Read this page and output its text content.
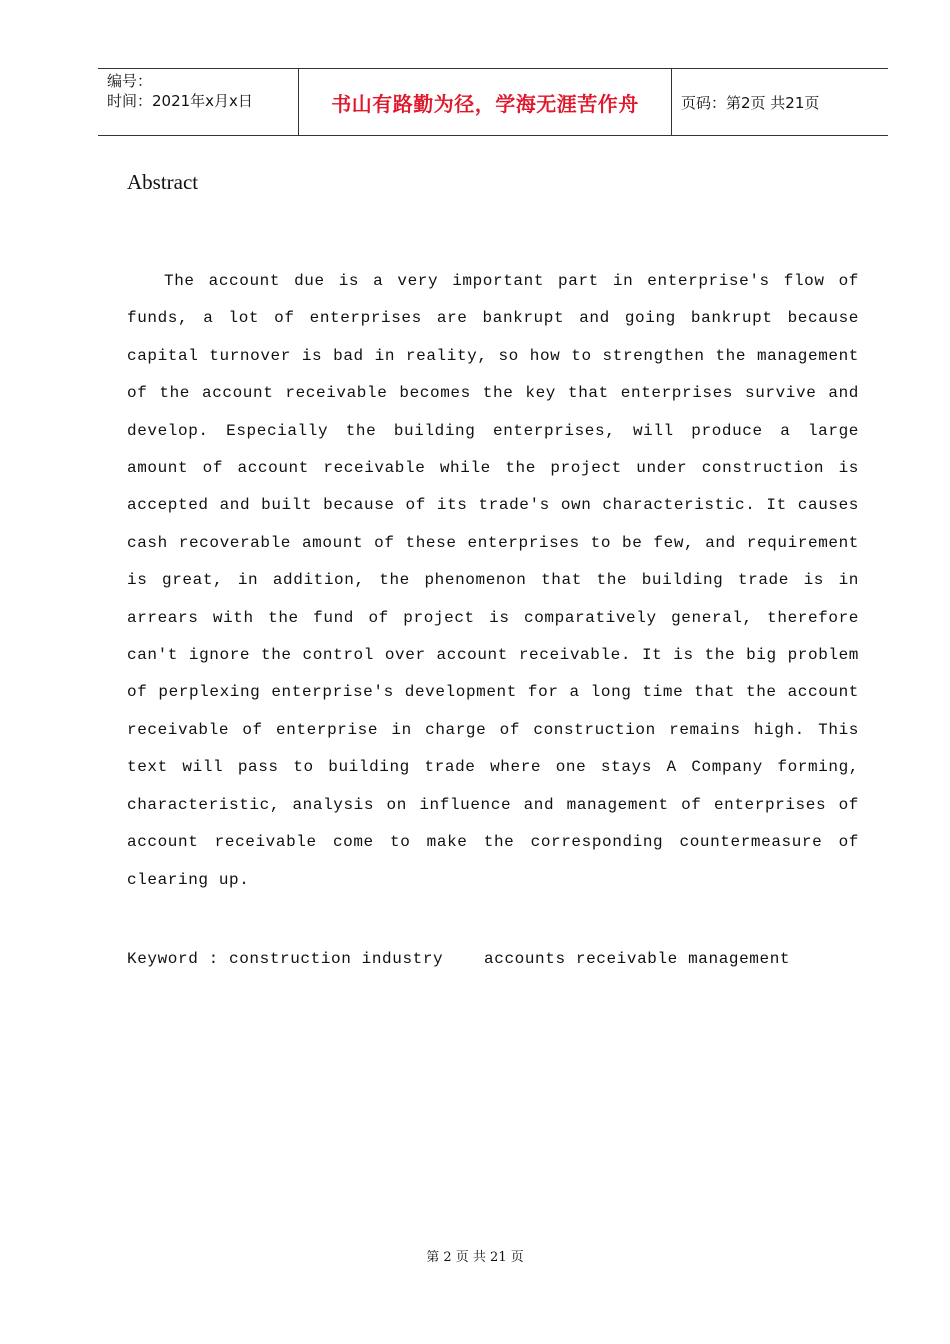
编号：
时间：2021年x月x日	书山有路勤为径，学海无涯苦作舟	页码：第2页 共21页
Abstract

The account due is a very important part in enterprise's flow of funds, a lot of enterprises are bankrupt and going bankrupt because capital turnover is bad in reality, so how to strengthen the management of the account receivable becomes the key that enterprises survive and develop. Especially the building enterprises, will produce a large amount of account receivable while the project under construction is accepted and built because of its trade's own characteristic. It causes cash recoverable amount of these enterprises to be few, and requirement is great, in addition, the phenomenon that the building trade is in arrears with the fund of project is comparatively general, therefore can't ignore the control over account receivable. It is the big problem of perplexing enterprise's development for a long time that the account receivable of enterprise in charge of construction remains high. This text will pass to building trade where one stays A Company forming, characteristic, analysis on influence and management of enterprises of account receivable come to make the corresponding countermeasure of clearing up.

Keyword : construction industry    accounts receivable management
第 2 页 共 21 页
